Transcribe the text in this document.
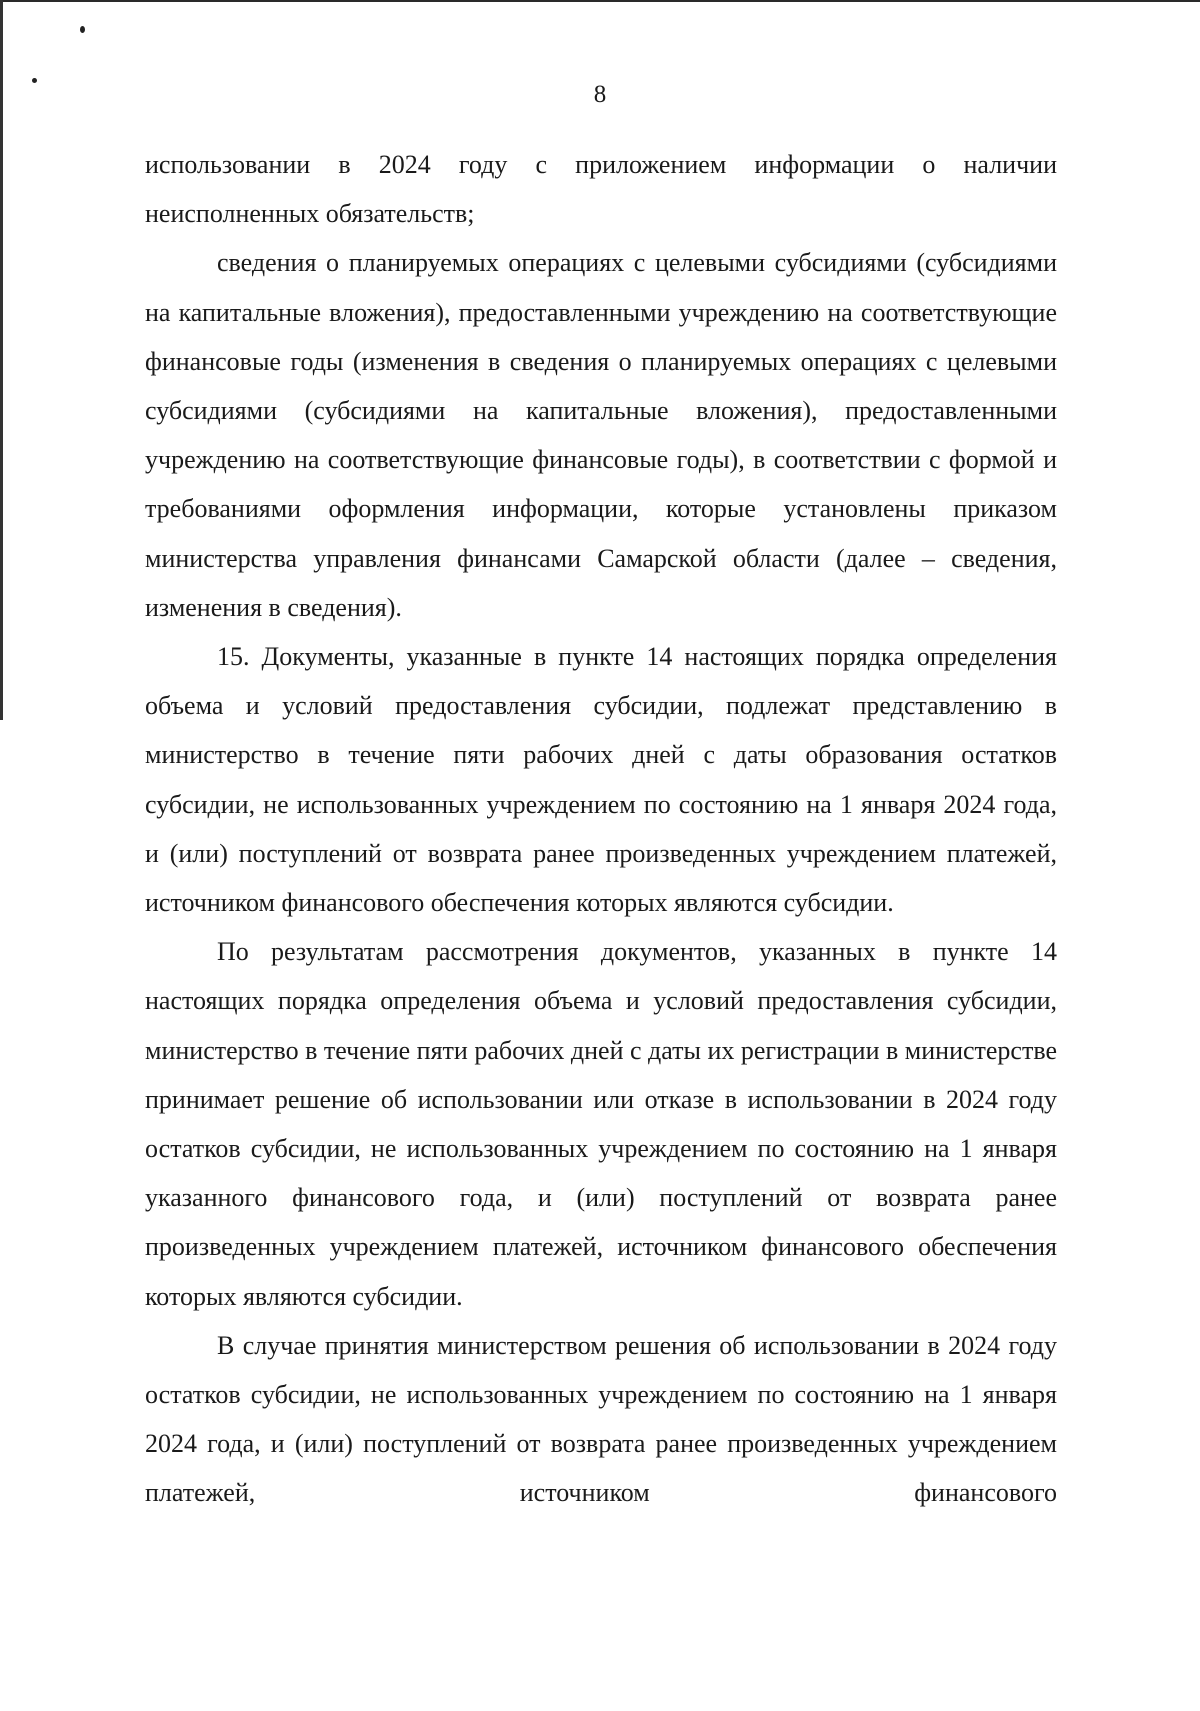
8

использовании в 2024 году с приложением информации о наличии неисполненных обязательств;

сведения о планируемых операциях с целевыми субсидиями (субсидиями на капитальные вложения), предоставленными учреждению на соответствующие финансовые годы (изменения в сведения о планируемых операциях с целевыми субсидиями (субсидиями на капитальные вложения), предоставленными учреждению на соответствующие финансовые годы), в соответствии с формой и требованиями оформления информации, которые установлены приказом министерства управления финансами Самарской области (далее – сведения, изменения в сведения).

15. Документы, указанные в пункте 14 настоящих порядка определения объема и условий предоставления субсидии, подлежат представлению в министерство в течение пяти рабочих дней с даты образования остатков субсидии, не использованных учреждением по состоянию на 1 января 2024 года, и (или) поступлений от возврата ранее произведенных учреждением платежей, источником финансового обеспечения которых являются субсидии.

По результатам рассмотрения документов, указанных в пункте 14 настоящих порядка определения объема и условий предоставления субсидии, министерство в течение пяти рабочих дней с даты их регистрации в министерстве принимает решение об использовании или отказе в использовании в 2024 году остатков субсидии, не использованных учреждением по состоянию на 1 января указанного финансового года, и (или) поступлений от возврата ранее произведенных учреждением платежей, источником финансового обеспечения которых являются субсидии.

В случае принятия министерством решения об использовании в 2024 году остатков субсидии, не использованных учреждением по состоянию на 1 января 2024 года, и (или) поступлений от возврата ранее произведенных учреждением платежей, источником финансового
